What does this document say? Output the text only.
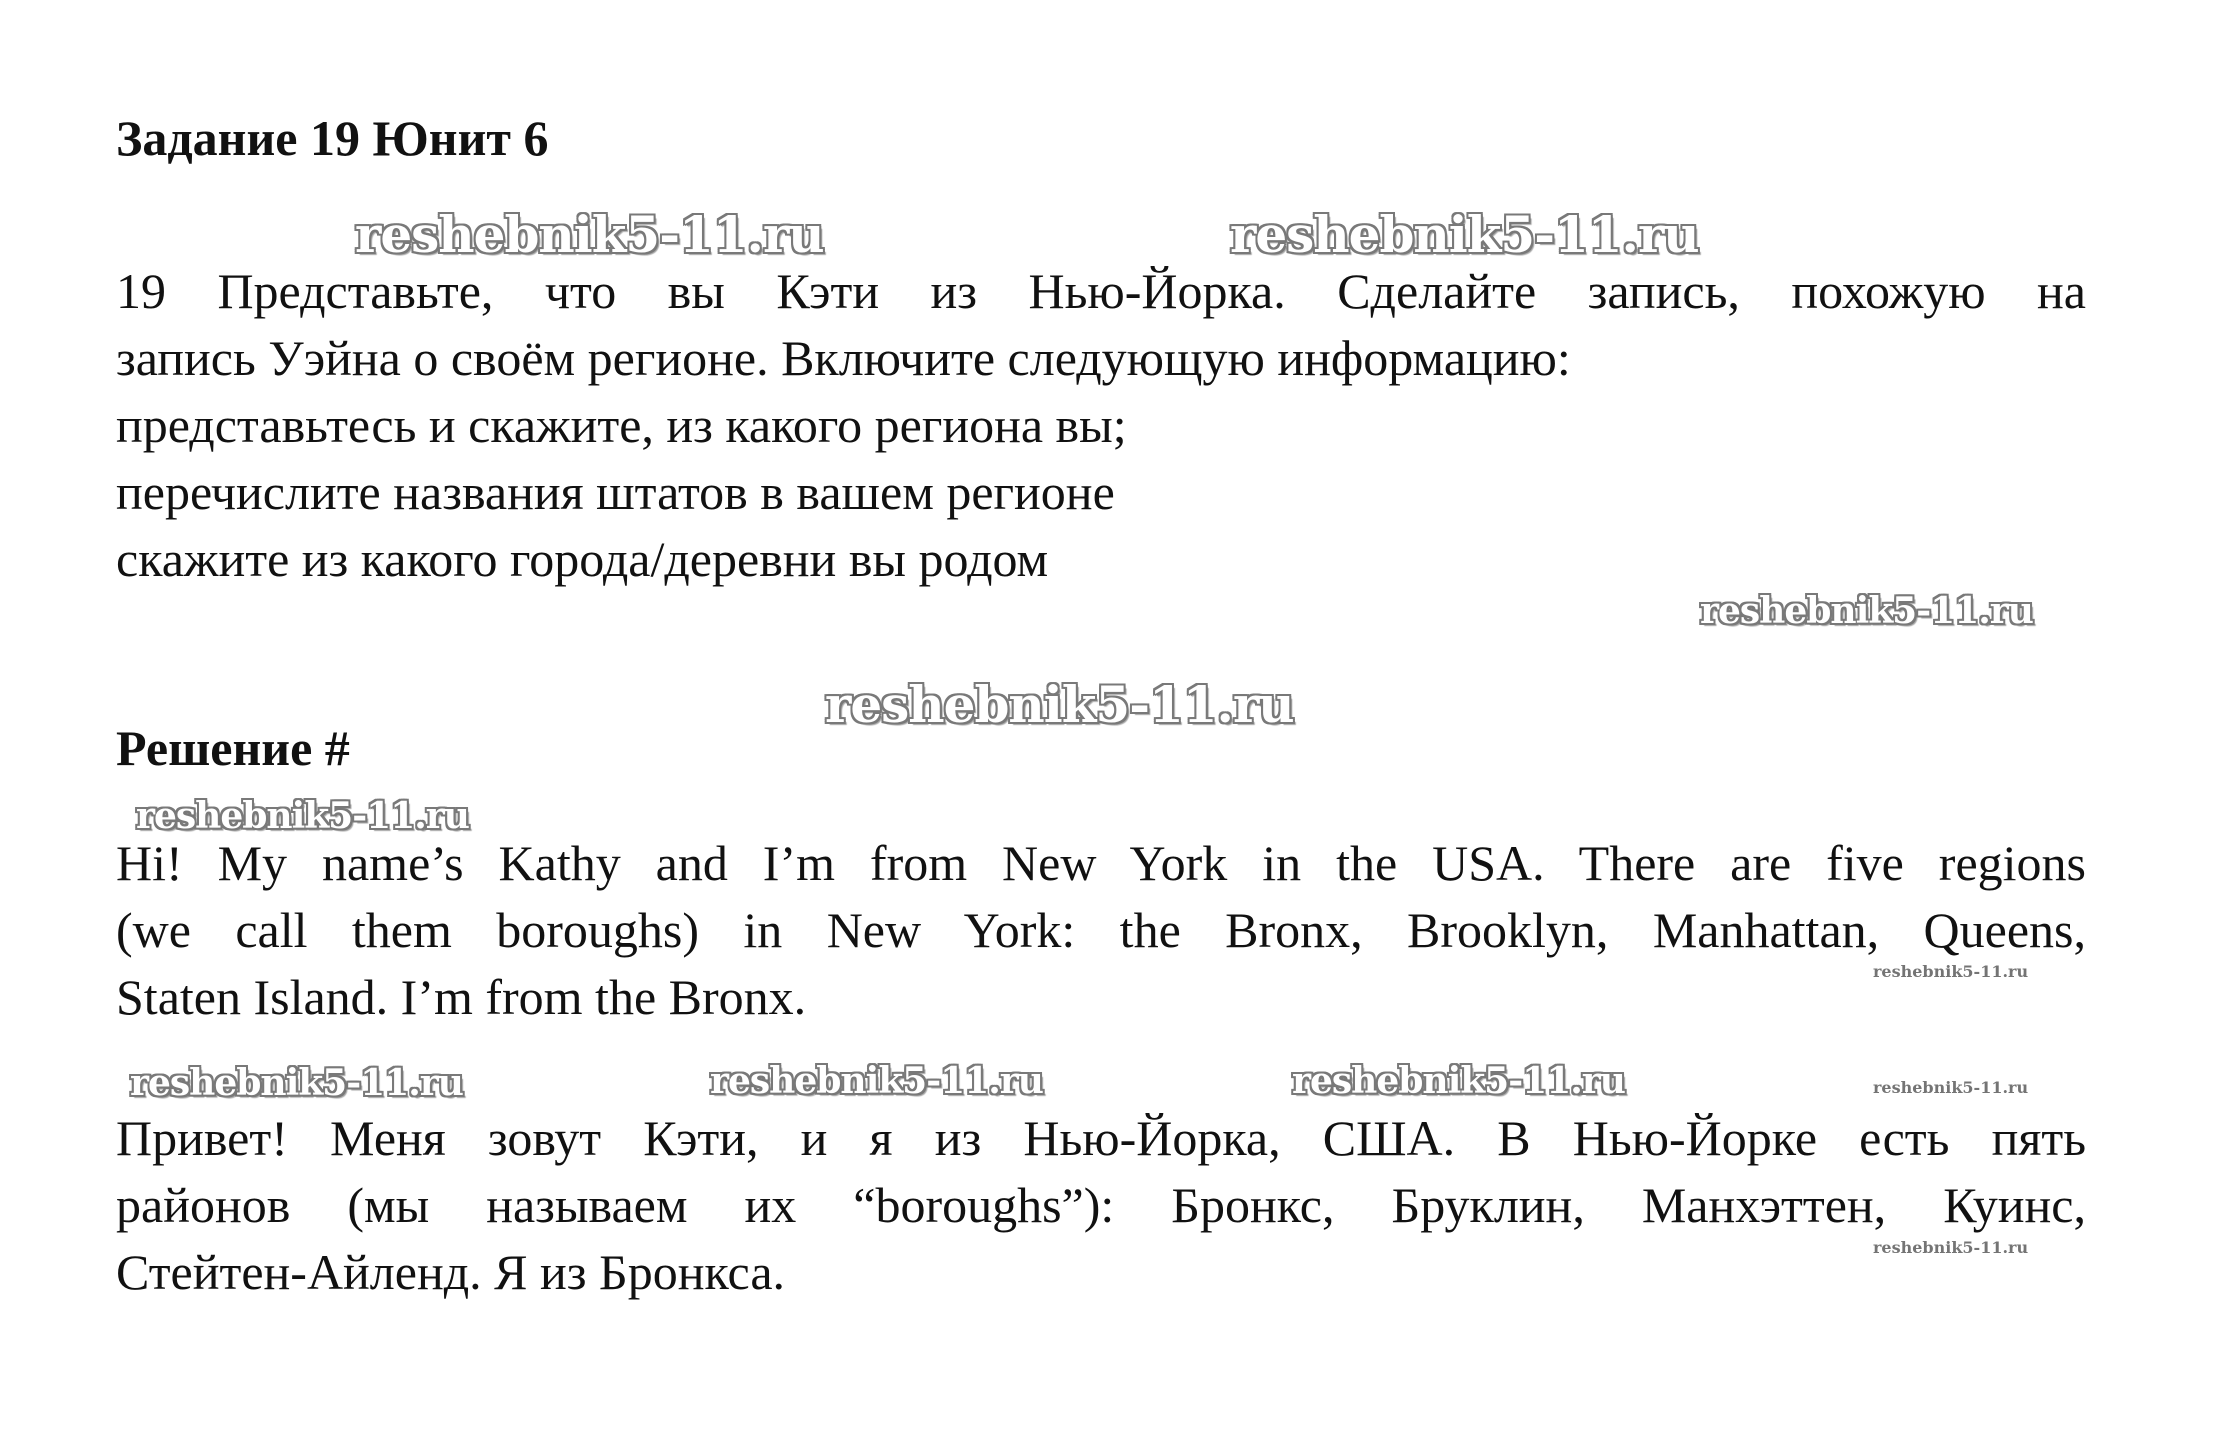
Задание 19 Юнит 6
reshebnik5-11.ru	reshebnik5-11.ru
19 Представьте, что вы Кэти из Нью-Йорка. Сделайте запись, похожую на
запись Уэйна о своём регионе. Включите следующую информацию:
представьтесь и скажите, из какого региона вы;
перечислите названия штатов в вашем регионе
скажите из какого города/деревни вы родом
reshebnik5-11.ru
reshebnik5-11.ru
Решение #
reshebnik5-11.ru
Hi! My name’s Kathy and I’m from New York in the USA. There are five regions
(we call them boroughs) in New York: the Bronx, Brooklyn, Manhattan, Queens,
Staten Island. I’m from the Bronx.	reshebnik5-11.ru
reshebnik5-11.ru	reshebnik5-11.ru	reshebnik5-11.ru	reshebnik5-11.ru
Привет! Меня зовут Кэти, и я из Нью-Йорка, США. В Нью-Йорке есть пять
районов (мы называем их “boroughs”): Бронкс, Бруклин, Манхэттен, Куинс,
Стейтен-Айленд. Я из Бронкса.	reshebnik5-11.ru
